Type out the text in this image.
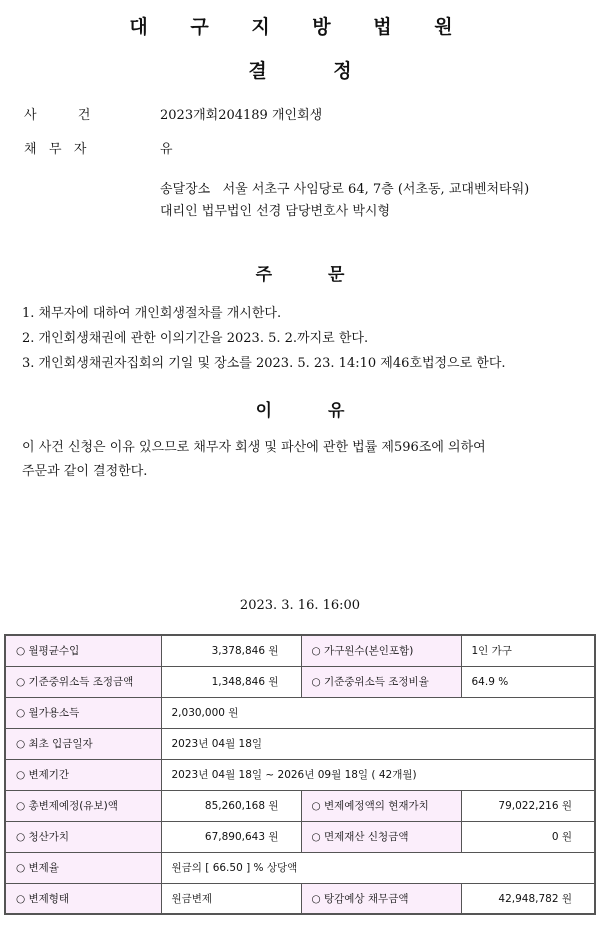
대 구 지 방 법 원
결 정
사          건	2023개회204189 개인회생
채   무   자	유
송달장소   서울 서초구 사임당로 64, 7층 (서초동, 교대벤처타워)
대리인 법무법인 선경 담당변호사 박시형
주 문
1. 채무자에 대하여 개인회생절차를 개시한다.
2. 개인회생채권에 관한 이의기간을 2023. 5. 2.까지로 한다.
3. 개인회생채권자집회의 기일 및 장소를 2023. 5. 23. 14:10 제46호법정으로 한다.
이 유
이 사건 신청은 이유 있으므로 채무자 회생 및 파산에 관한 법률 제596조에 의하여
주문과 같이 결정한다.
2023. 3. 16. 16:00
○ 월평균수입	3,378,846 원	○ 가구원수(본인포함)	1인 가구
○ 기준중위소득 조정금액	1,348,846 원	○ 기준중위소득 조정비율	64.9 %
○ 월가용소득	2,030,000 원		
○ 최초 입금일자	2023년 04월 18일		
○ 변제기간	2023년 04월 18일 ~ 2026년 09월 18일 ( 42개월)		
○ 총변제예정(유보)액	85,260,168 원	○ 변제예정액의 현재가치	79,022,216 원
○ 청산가치	67,890,643 원	○ 면제재산 신청금액	0 원
○ 변제율	원금의 [ 66.50 ] % 상당액		
○ 변제형태	원금변제	○ 탕감예상 채무금액	42,948,782 원
